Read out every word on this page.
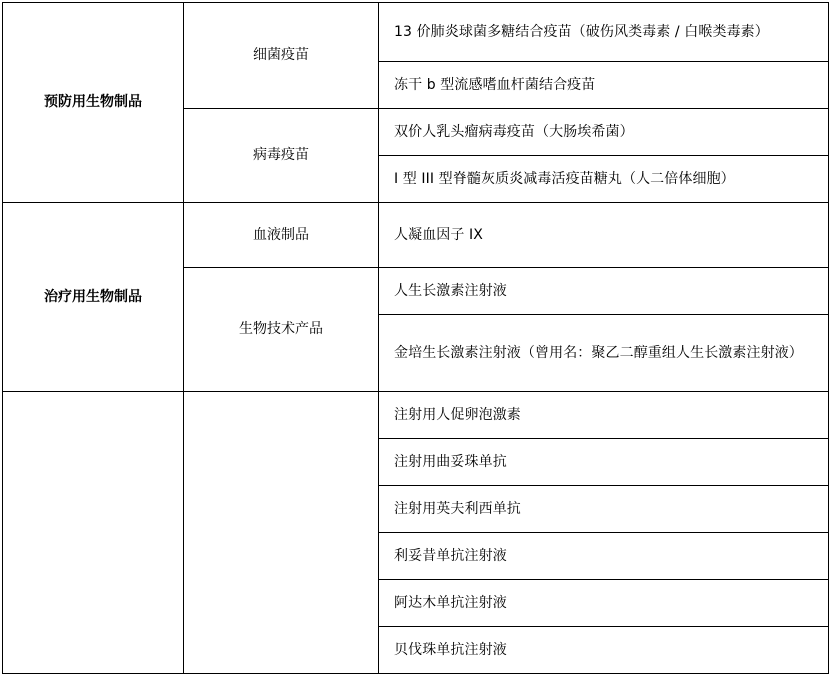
预防用生物制品	细菌疫苗	13 价肺炎球菌多糖结合疫苗（破伤风类毒素 / 白喉类毒素）
		冻干 b 型流感嗜血杆菌结合疫苗
	病毒疫苗	双价人乳头瘤病毒疫苗（大肠埃希菌）
		I 型 III 型脊髓灰质炎减毒活疫苗糖丸（人二倍体细胞）
治疗用生物制品	血液制品	人凝血因子 IX
	生物技术产品	人生长激素注射液
		金培生长激素注射液（曾用名：聚乙二醇重组人生长激素注射液）
		注射用人促卵泡激素
		注射用曲妥珠单抗
		注射用英夫利西单抗
		利妥昔单抗注射液
		阿达木单抗注射液
		贝伐珠单抗注射液
